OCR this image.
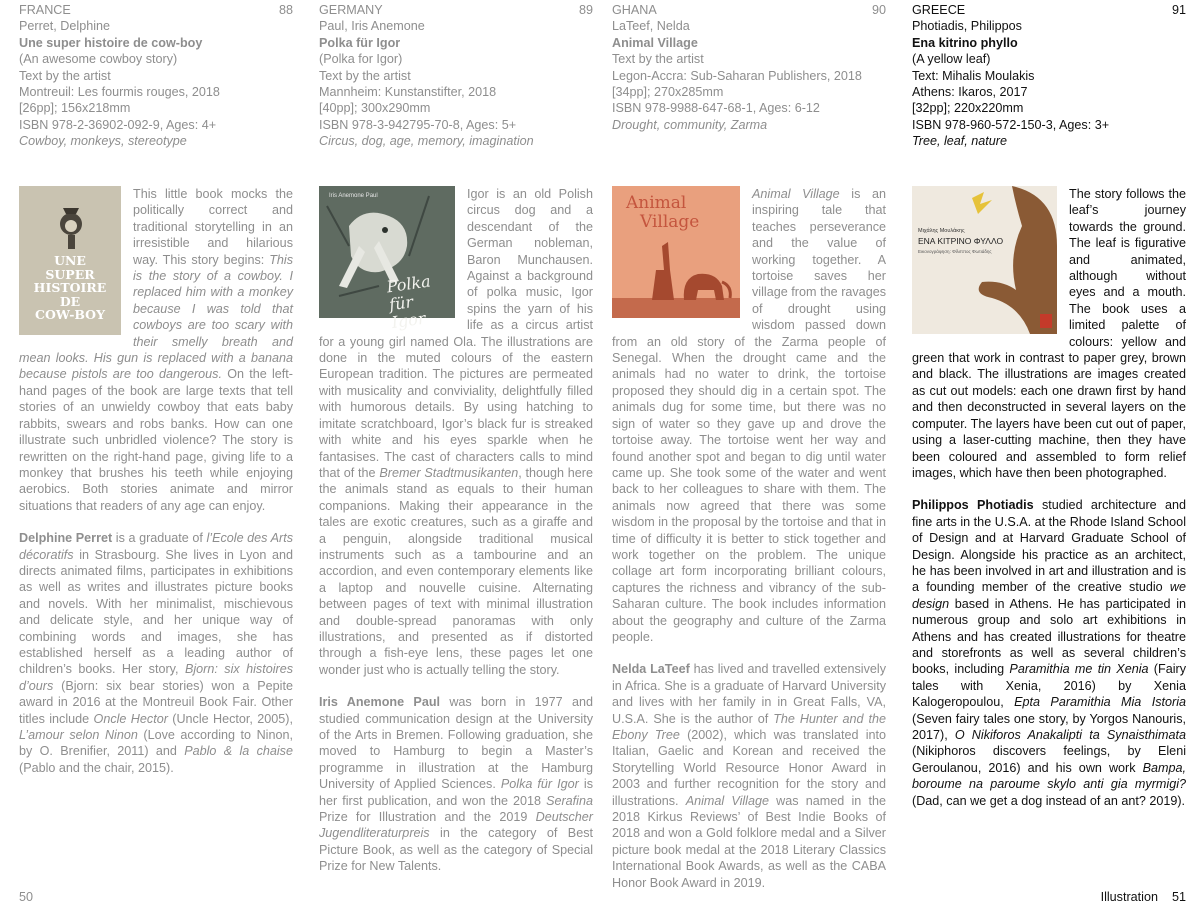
FRANCE	88
Perret, Delphine
Une super histoire de cow-boy
(An awesome cowboy story)
Text by the artist
Montreuil: Les fourmis rouges, 2018
[26pp]; 156x218mm
ISBN 978-2-36902-092-9, Ages: 4+
Cowboy, monkeys, stereotype
UNE
SUPER
HISTOIRE
DE
COW-BOY

This little book mocks the politically correct and traditional storytelling in an irresistible and hilarious way. This story begins: This is the story of a cowboy. I replaced him with a monkey because I was told that cowboys are too scary with their smelly breath and mean looks. His gun is replaced with a banana because pistols are too dangerous. On the left-hand pages of the book are large texts that tell stories of an unwieldy cowboy that eats baby rabbits, swears and robs banks. How can one illustrate such unbridled violence? The story is rewritten on the right-hand page, giving life to a monkey that brushes his teeth while enjoying aerobics. Both stories animate and mirror situations that readers of any age can enjoy.

Delphine Perret is a graduate of l’Ecole des Arts décoratifs in Strasbourg. She lives in Lyon and directs animated films, participates in exhibitions as well as writes and illustrates picture books and novels. With her minimalist, mischievous and delicate style, and her unique way of combining words and images, she has established herself as a leading author of children’s books. Her story, Bjorn: six histoires d’ours (Bjorn: six bear stories) won a Pepite award in 2016 at the Montreuil Book Fair. Other titles include Oncle Hector (Uncle Hector, 2005), L’amour selon Ninon (Love according to Ninon, by O. Brenifier, 2011) and Pablo & la chaise (Pablo and the chair, 2015).

GERMANY	89
Paul, Iris Anemone
Polka für Igor
(Polka for Igor)
Text by the artist
Mannheim: Kunstanstifter, 2018
[40pp]; 300x290mm
ISBN 978-3-942795-70-8, Ages: 5+
Circus, dog, age, memory, imagination
Iris Anemone Paul
Polka für Igor

Igor is an old Polish circus dog and a descendant of the German nobleman, Baron Munchausen. Against a background of polka music, Igor spins the yarn of his life as a circus artist for a young girl named Ola. The illustrations are done in the muted colours of the eastern European tradition. The pictures are permeated with musicality and conviviality, delightfully filled with humorous details. By using hatching to imitate scratchboard, Igor’s black fur is streaked with white and his eyes sparkle when he fantasises. The cast of characters calls to mind that of the Bremer Stadtmusikanten, though here the animals stand as equals to their human companions. Making their appearance in the tales are exotic creatures, such as a giraffe and a penguin, alongside traditional musical instruments such as a tambourine and an accordion, and even contemporary elements like a laptop and nouvelle cuisine. Alternating between pages of text with minimal illustration and double-spread panoramas with only illustrations, and presented as if distorted through a fish-eye lens, these pages let one wonder just who is actually telling the story.

Iris Anemone Paul was born in 1977 and studied communication design at the University of the Arts in Bremen. Following graduation, she moved to Hamburg to begin a Master’s programme in illustration at the Hamburg University of Applied Sciences. Polka für Igor is her first publication, and won the 2018 Serafina Prize for Illustration and the 2019 Deutscher Jugendliteraturpreis in the category of Best Picture Book, as well as the category of Special Prize for New Talents.

GHANA	90
LaTeef, Nelda
Animal Village
Text by the artist
Legon-Accra: Sub-Saharan Publishers, 2018
[34pp]; 270x285mm
ISBN 978-9988-647-68-1, Ages: 6-12
Drought, community, Zarma
Animal
Village

Animal Village is an inspiring tale that teaches perseverance and the value of working together. A tortoise saves her village from the ravages of drought using wisdom passed down from an old story of the Zarma people of Senegal. When the drought came and the animals had no water to drink, the tortoise proposed they should dig in a certain spot. The animals dug for some time, but there was no sign of water so they gave up and drove the tortoise away. The tortoise went her way and found another spot and began to dig until water came up. She took some of the water and went back to her colleagues to share with them. The animals now agreed that there was some wisdom in the proposal by the tortoise and that in time of difficulty it is better to stick together and work together on the problem. The unique collage art form incorporating brilliant colours, captures the richness and vibrancy of the sub-Saharan culture. The book includes information about the geography and culture of the Zarma people.

Nelda LaTeef has lived and travelled extensively in Africa. She is a graduate of Harvard University and lives with her family in in Great Falls, VA, U.S.A. She is the author of The Hunter and the Ebony Tree (2002), which was translated into Italian, Gaelic and Korean and received the Storytelling World Resource Honor Award in 2003 and further recognition for the story and illustrations. Animal Village was named in the 2018 Kirkus Reviews’ of Best Indie Books of 2018 and won a Gold folklore medal and a Silver picture book medal at the 2018 Literary Classics International Book Awards, as well as the CABA Honor Book Award in 2019.

GREECE	91
Photiadis, Philippos
Ena kitrino phyllo
(A yellow leaf)
Text: Mihalis Moulakis
Athens: Ikaros, 2017
[32pp]; 220x220mm
ISBN 978-960-572-150-3, Ages: 3+
Tree, leaf, nature
Μιχάλης Μουλάκης
ΕΝΑ ΚΙΤΡΙΝΟ ΦΥΛΛΟ
Εικονογράφηση: Φίλιππος Φωτιάδης

The story follows the leaf’s journey towards the ground. The leaf is figurative and animated, although without eyes and a mouth. The book uses a limited palette of colours: yellow and green that work in contrast to paper grey, brown and black. The illustrations are images created as cut out models: each one drawn first by hand and then deconstructed in several layers on the computer. The layers have been cut out of paper, using a laser-cutting machine, then they have been coloured and assembled to form relief images, which have then been photographed.

Philippos Photiadis studied architecture and fine arts in the U.S.A. at the Rhode Island School of Design and at Harvard Graduate School of Design. Alongside his practice as an architect, he has been involved in art and illustration and is a founding member of the creative studio we design based in Athens. He has participated in numerous group and solo art exhibitions in Athens and has created illustrations for theatre and storefronts as well as several children’s books, including Paramithia me tin Xenia (Fairy tales with Xenia, 2016) by Xenia Kalogeropoulou, Epta Paramithia Mia Istoria (Seven fairy tales one story, by Yorgos Nanouris, 2017), O Nikiforos Anakalipti ta Synaisthimata (Nikiphoros discovers feelings, by Eleni Geroulanou, 2016) and his own work Bampa, boroume na paroume skylo anti gia myrmigi? (Dad, can we get a dog instead of an ant? 2019).

50	Illustration 51
